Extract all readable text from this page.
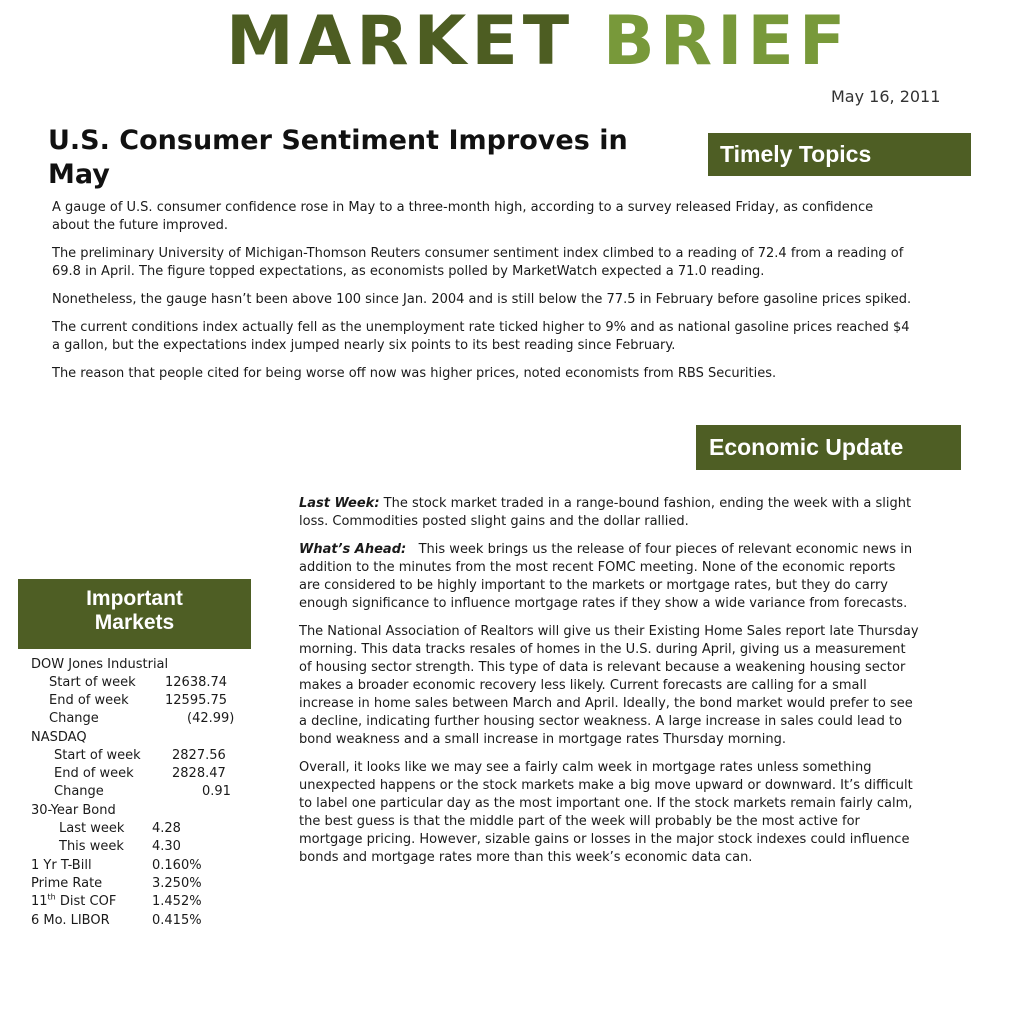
MARKET BRIEF
May 16, 2011
U.S. Consumer Sentiment Improves in May
Timely Topics
Economic Update
Important
Markets

A gauge of U.S. consumer confidence rose in May to a three-month high, according to a survey released Friday, as confidence about the future improved.

The preliminary University of Michigan-Thomson Reuters consumer sentiment index climbed to a reading of 72.4 from a reading of 69.8 in April. The figure topped expectations, as economists polled by MarketWatch expected a 71.0 reading.

Nonetheless, the gauge hasn’t been above 100 since Jan. 2004 and is still below the 77.5 in February before gasoline prices spiked.

The current conditions index actually fell as the unemployment rate ticked higher to 9% and as national gasoline prices reached $4 a gallon, but the expectations index jumped nearly six points to its best reading since February.

The reason that people cited for being worse off now was higher prices, noted economists from RBS Securities.

Last Week: The stock market traded in a range-bound fashion, ending the week with a slight loss. Commodities posted slight gains and the dollar rallied.

What’s Ahead: This week brings us the release of four pieces of relevant economic news in addition to the minutes from the most recent FOMC meeting. None of the economic reports are considered to be highly important to the markets or mortgage rates, but they do carry enough significance to influence mortgage rates if they show a wide variance from forecasts.

The National Association of Realtors will give us their Existing Home Sales report late Thursday morning. This data tracks resales of homes in the U.S. during April, giving us a measurement of housing sector strength. This type of data is relevant because a weakening housing sector makes a broader economic recovery less likely. Current forecasts are calling for a small increase in home sales between March and April. Ideally, the bond market would prefer to see a decline, indicating further housing sector weakness. A large increase in sales could lead to bond weakness and a small increase in mortgage rates Thursday morning.

Overall, it looks like we may see a fairly calm week in mortgage rates unless something unexpected happens or the stock markets make a big move upward or downward. It’s difficult to label one particular day as the most important one. If the stock markets remain fairly calm, the best guess is that the middle part of the week will probably be the most active for mortgage pricing. However, sizable gains or losses in the major stock indexes could influence bonds and mortgage rates more than this week’s economic data can.

DOW Jones Industrial
Start of week 12638.74
End of week	12595.75
Change	(42.99)
NASDAQ
Start of week 2827.56
End of week	2828.47
Change	0.91
30-Year Bond
Last week 4.28
This week 4.30
1 Yr T-Bill	0.160%
Prime Rate	3.250%
11th Dist COF	1.452%
6 Mo. LIBOR	0.415%
